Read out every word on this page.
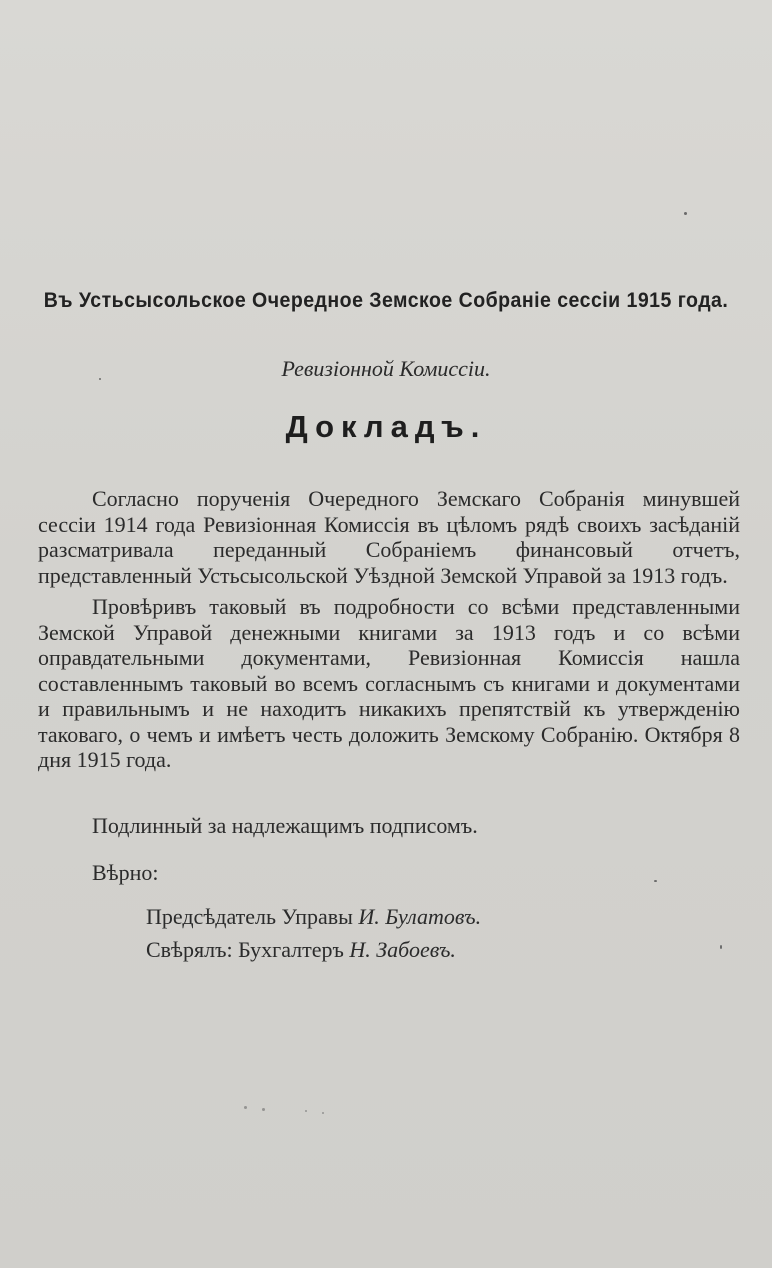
Въ Устьсысольское Очередное Земское Собраніе сессіи 1915 года.
Ревизіонной Комиссіи.
Докладъ.

Согласно порученія Очередного Земскаго Собранія минувшей сессіи 1914 года Ревизіонная Комиссія въ цѣломъ рядѣ своихъ засѣданій разсматривала переданный Собраніемъ финансовый отчетъ, представленный Устьсысольской Уѣздной Земской Управой за 1913 годъ.

Провѣривъ таковый въ подробности со всѣми представленными Земской Управой денежными книгами за 1913 годъ и со всѣми оправдательными документами, Ревизіонная Комиссія нашла составленнымъ таковый во всемъ согласнымъ съ книгами и документами и правильнымъ и не находитъ никакихъ препятствій къ утвержденію таковаго, о чемъ и имѣетъ честь доложить Земскому Собранію. Октября 8 дня 1915 года.

Подлинный за надлежащимъ подписомъ.
Вѣрно:
Предсѣдатель Управы И. Булатовъ.
Свѣрялъ: Бухгалтеръ Н. Забоевъ.
